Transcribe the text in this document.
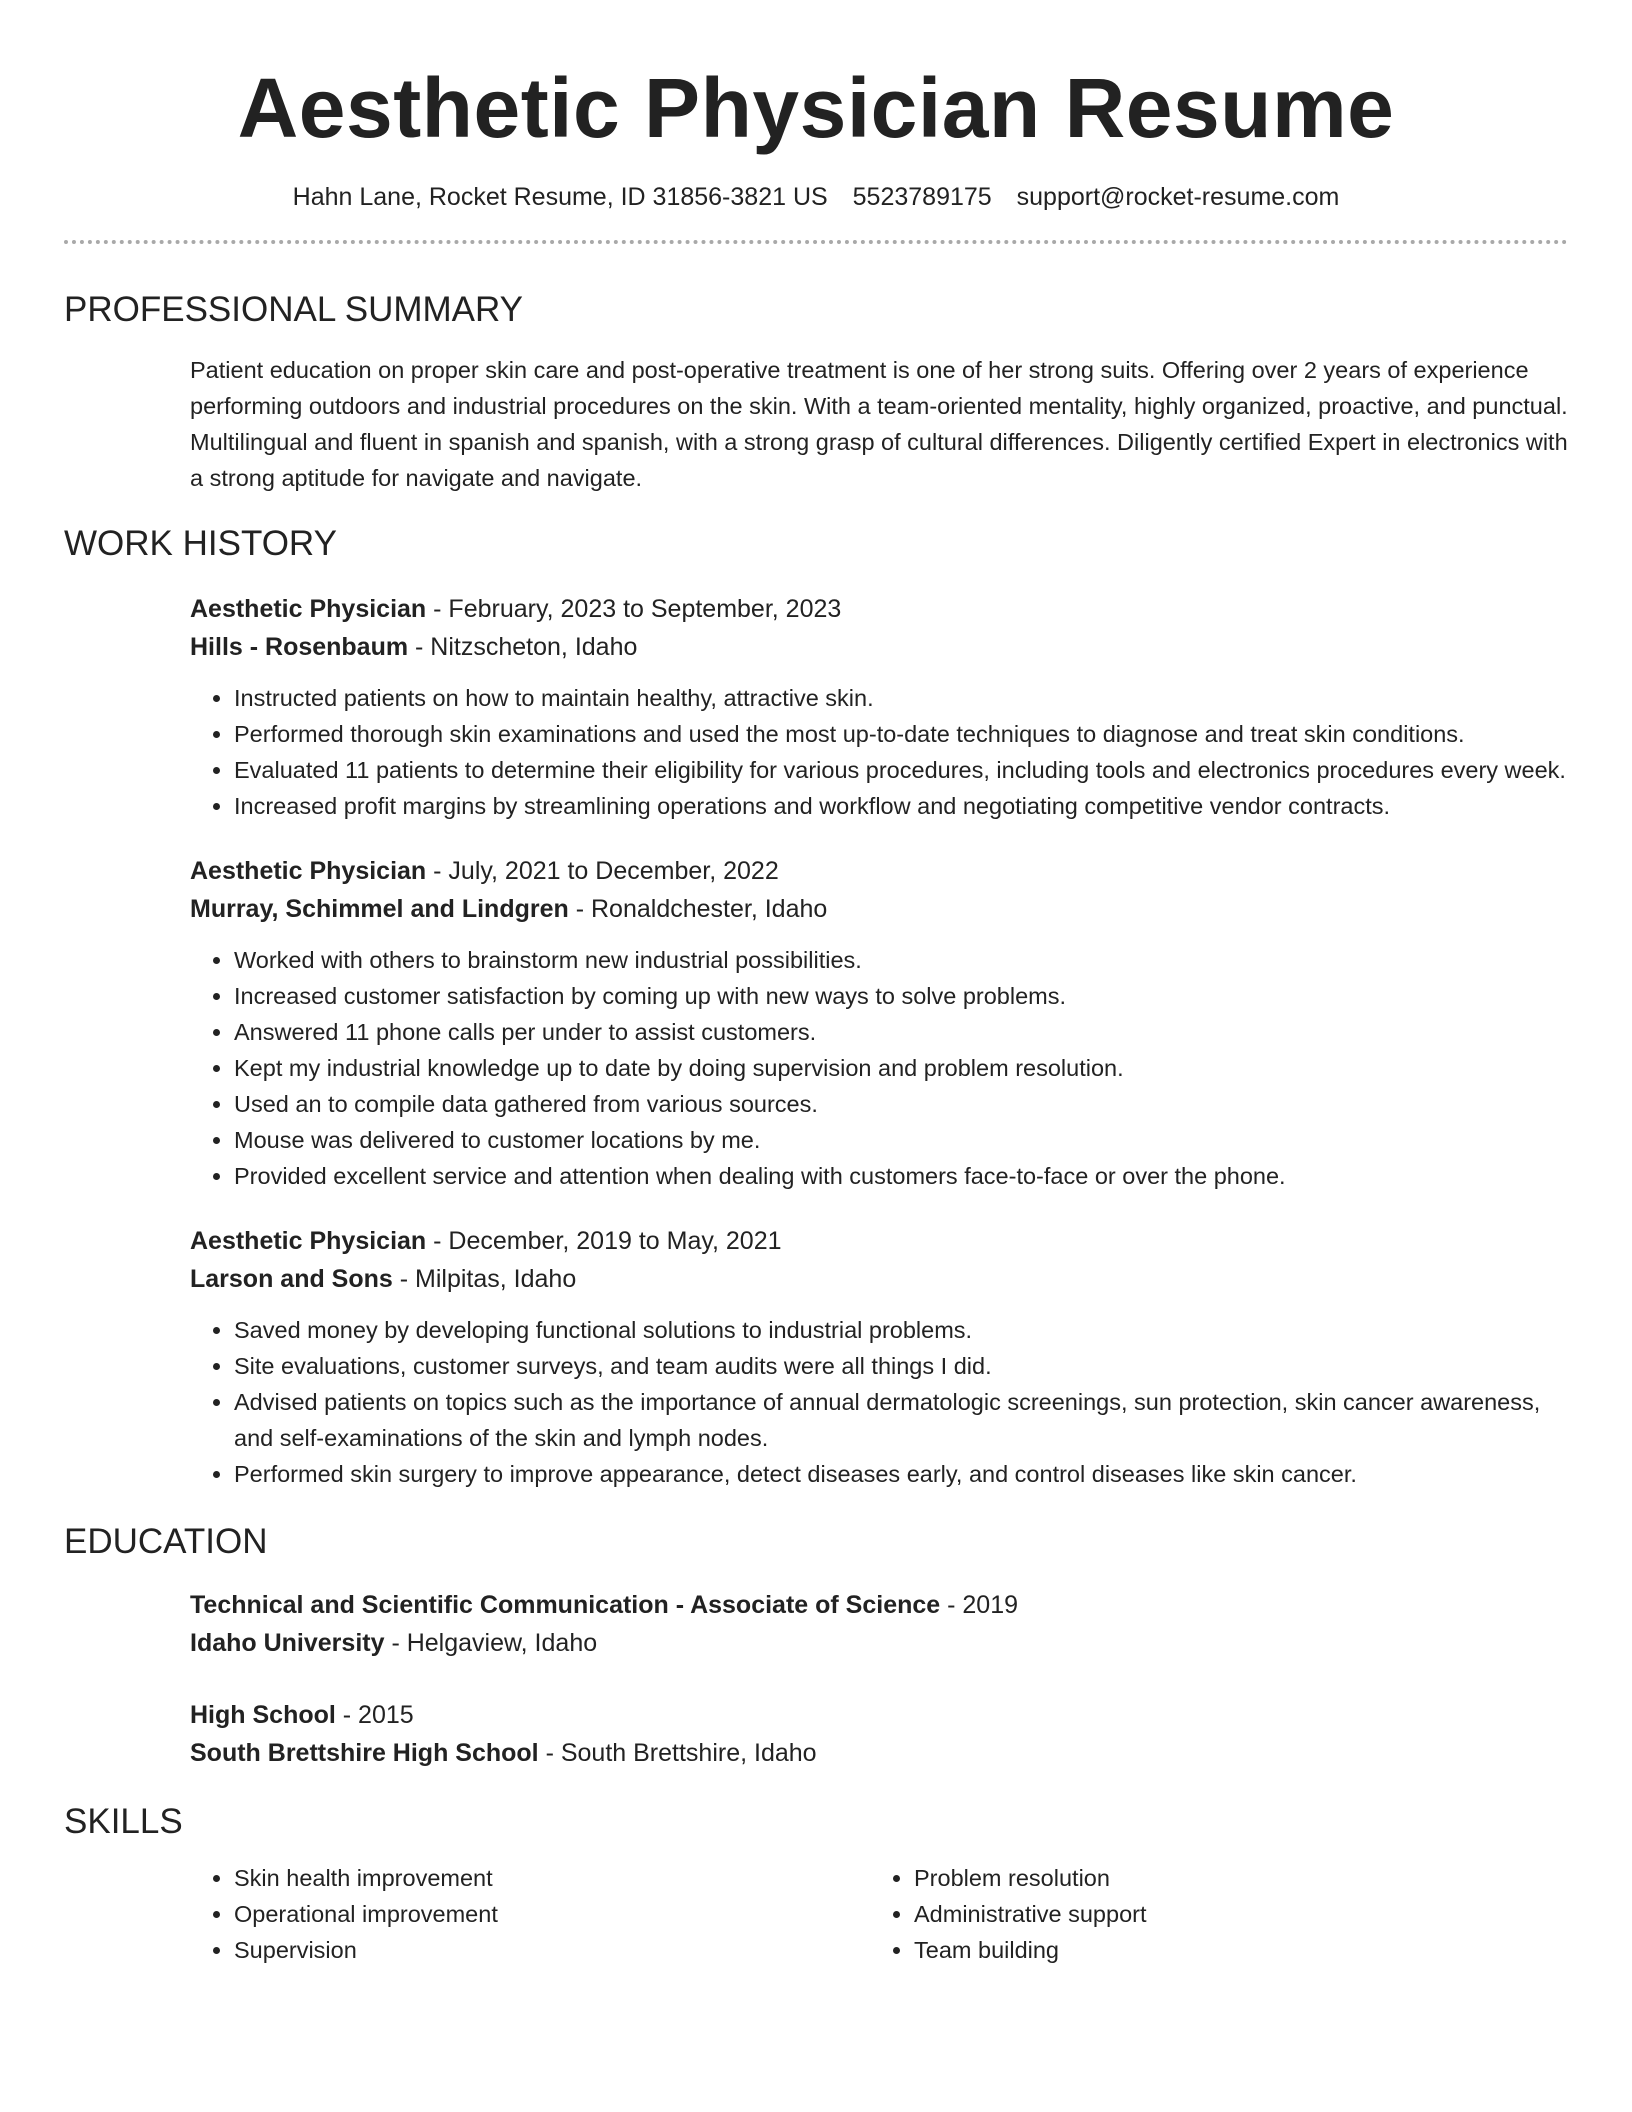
Aesthetic Physician Resume
Hahn Lane, Rocket Resume, ID 31856-3821 US 5523789175 support@rocket-resume.com
PROFESSIONAL SUMMARY

Patient education on proper skin care and post-operative treatment is one of her strong suits. Offering over 2 years of experience performing outdoors and industrial procedures on the skin. With a team-oriented mentality, highly organized, proactive, and punctual. Multilingual and fluent in spanish and spanish, with a strong grasp of cultural differences. Diligently certified Expert in electronics with a strong aptitude for navigate and navigate.

WORK HISTORY
Aesthetic Physician - February, 2023 to September, 2023
Hills - Rosenbaum - Nitzscheton, Idaho
• Instructed patients on how to maintain healthy, attractive skin.
• Performed thorough skin examinations and used the most up-to-date techniques to diagnose and treat skin conditions.
• Evaluated 11 patients to determine their eligibility for various procedures, including tools and electronics procedures every week.
• Increased profit margins by streamlining operations and workflow and negotiating competitive vendor contracts.
Aesthetic Physician - July, 2021 to December, 2022
Murray, Schimmel and Lindgren - Ronaldchester, Idaho
• Worked with others to brainstorm new industrial possibilities.
• Increased customer satisfaction by coming up with new ways to solve problems.
• Answered 11 phone calls per under to assist customers.
• Kept my industrial knowledge up to date by doing supervision and problem resolution.
• Used an to compile data gathered from various sources.
• Mouse was delivered to customer locations by me.
• Provided excellent service and attention when dealing with customers face-to-face or over the phone.
Aesthetic Physician - December, 2019 to May, 2021
Larson and Sons - Milpitas, Idaho
• Saved money by developing functional solutions to industrial problems.
• Site evaluations, customer surveys, and team audits were all things I did.
• Advised patients on topics such as the importance of annual dermatologic screenings, sun protection, skin cancer awareness, and self-examinations of the skin and lymph nodes.
• Performed skin surgery to improve appearance, detect diseases early, and control diseases like skin cancer.
EDUCATION
Technical and Scientific Communication - Associate of Science - 2019
Idaho University - Helgaview, Idaho
High School - 2015
South Brettshire High School - South Brettshire, Idaho
SKILLS
• Skin health improvement
• Operational improvement
• Supervision
• Problem resolution
• Administrative support
• Team building
